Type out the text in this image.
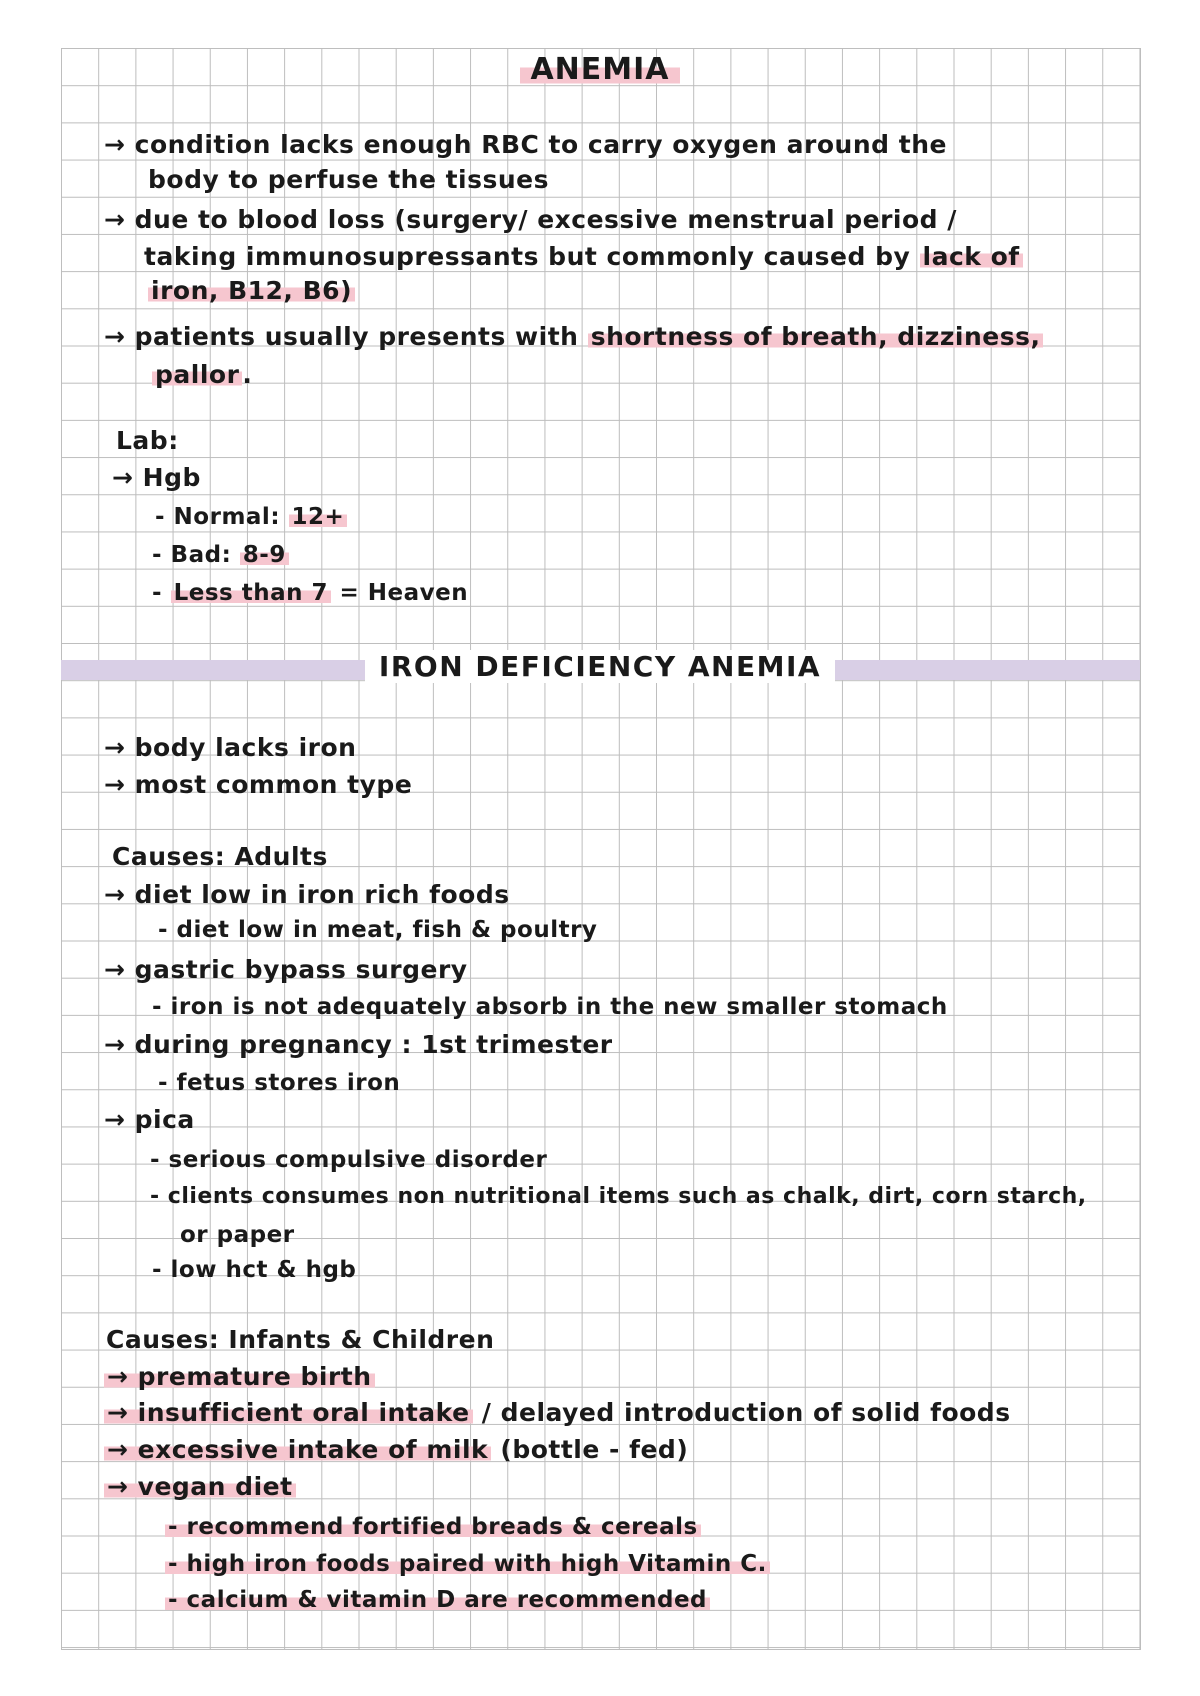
ANEMIA
→ condition lacks enough RBC to carry oxygen around the
body to perfuse the tissues
→ due to blood loss (surgery/ excessive menstrual period /
taking immunosupressants but commonly caused by lack of
iron, B12, B6)
→ patients usually presents with shortness of breath, dizziness,
pallor .
Lab:
→ Hgb
- Normal: 12+
- Bad: 8-9
- Less than 7 = Heaven
IRON DEFICIENCY ANEMIA
→ body lacks iron
→ most common type
Causes: Adults
→ diet low in iron rich foods
- diet low in meat, fish & poultry
→ gastric bypass surgery
- iron is not adequately absorb in the new smaller stomach
→ during pregnancy : 1st trimester
- fetus stores iron
→ pica
- serious compulsive disorder
- clients consumes non nutritional items such as chalk, dirt, corn starch,
or paper
- low hct & hgb
Causes: Infants & Children
→ premature birth
→ insufficient oral intake / delayed introduction of solid foods
→ excessive intake of milk (bottle - fed)
→ vegan diet
- recommend fortified breads & cereals
- high iron foods paired with high Vitamin C.
- calcium & vitamin D are recommended
